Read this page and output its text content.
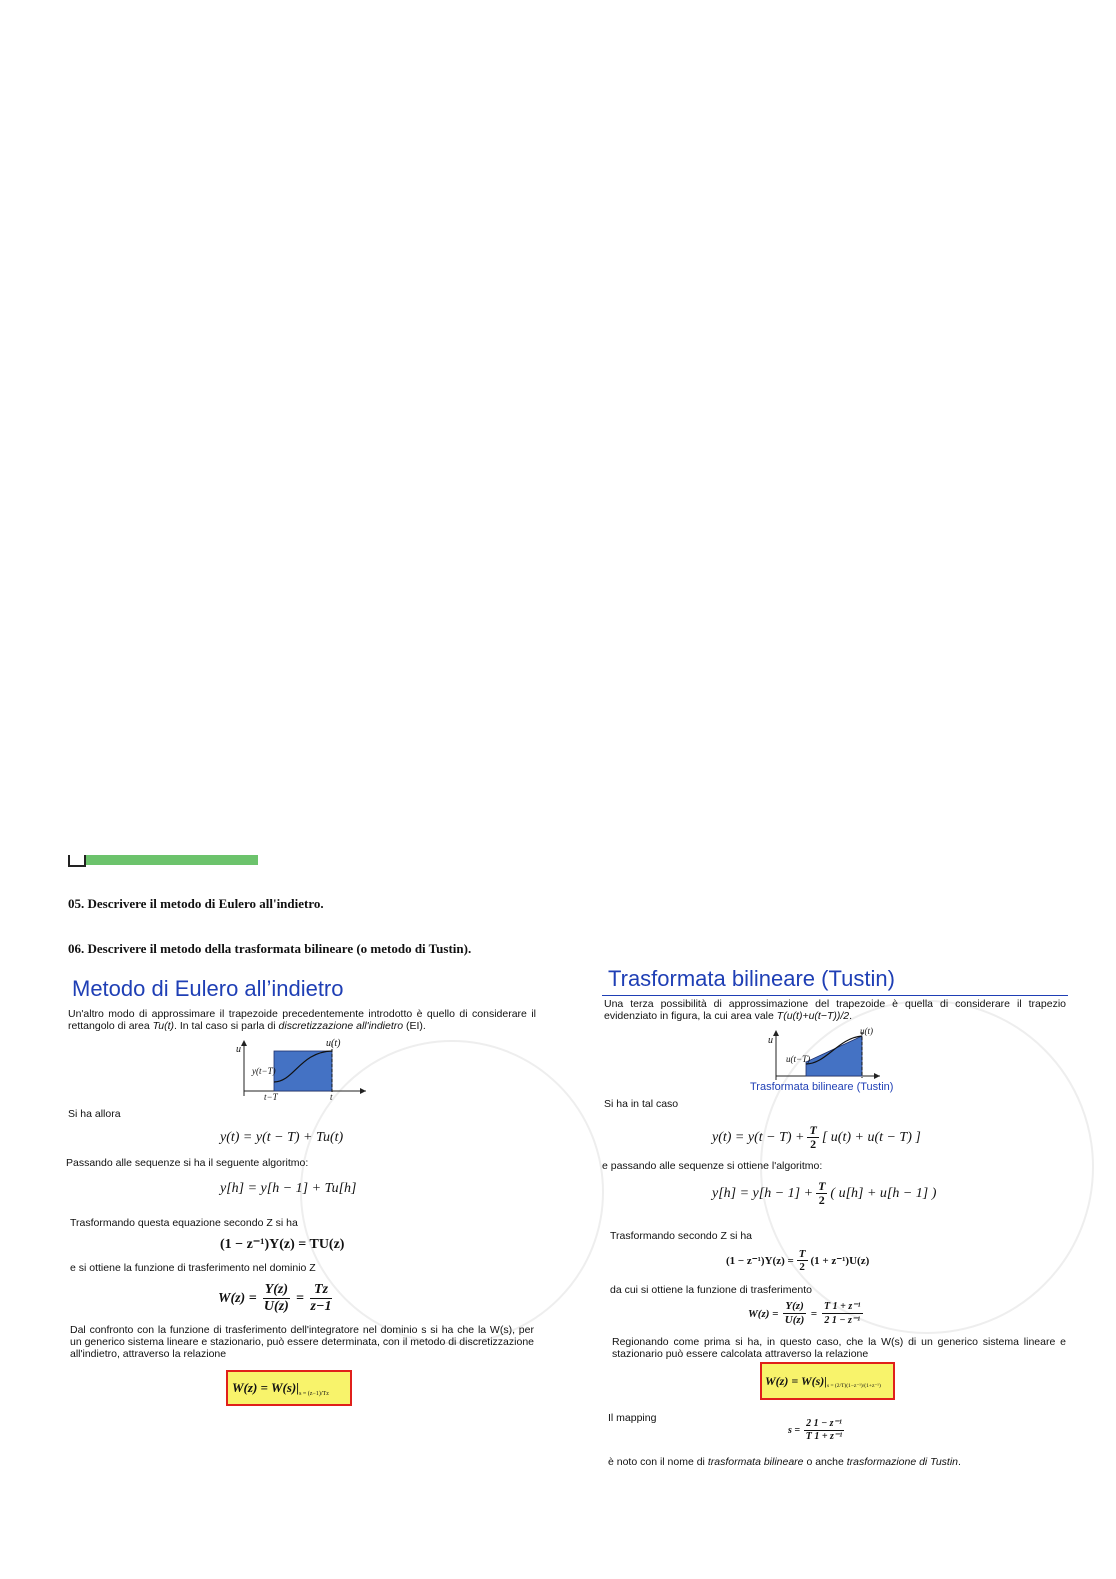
05. Descrivere il metodo di Eulero all'indietro.
06. Descrivere il metodo della trasformata bilineare (o metodo di Tustin).
Metodo di Eulero all’indietro
Un'altro modo di approssimare il trapezoide precedentemente introdotto è quello di considerare il rettangolo di area Tu(t). In tal caso si parla di discretizzazione all'indietro (EI).
u
u(t)
y(t−T)
t−T	t
Si ha allora
y(t) = y(t − T) + Tu(t)
Passando alle sequenze si ha il seguente algoritmo:
y[h] = y[h − 1] + Tu[h]
Trasformando questa equazione secondo Z si ha
(1 − z⁻¹)Y(z) = TU(z)
e si ottiene la funzione di trasferimento nel dominio Z
$W(z) = \frac{Y(z)}{U(z)} = \frac{Tz}{z-1}$
Dal confronto con la funzione di trasferimento dell'integratore nel dominio s si ha che la W(s), per un generico sistema lineare e stazionario, può essere determinata, con il metodo di discretizzazione all'indietro, attraverso la relazione
W(z) = W(s)| s = (z−1)/Tz
Trasformata bilineare (Tustin)
Una terza possibilità di approssimazione del trapezoide è quella di considerare il trapezio evidenziato in figura, la cui area vale T(u(t)+u(t−T))/2.
u
u(t)
u(t−T)
Trasformata bilineare (Tustin)
Si ha in tal caso
$y(t) = y(t - T) + \frac{T}{2}$ [ u(t) + u(t − T) ]
e passando alle sequenze si ottiene l'algoritmo:
$y[h] = y[h - 1] + \frac{T}{2}$ ( u[h] + u[h − 1] )
Trasformando secondo Z si ha
$(1 - z^{-1})Y(z) = \frac{T}{2} (1 + z^{-1})U(z)$
da cui si ottiene la funzione di trasferimento
$W(z) = \frac{Y(z)}{U(z)} = \frac{\text{T 1 + z⁻¹}}{\text{2 1 − z⁻¹}}$
Regionando come prima si ha, in questo caso, che la W(s) di un generico sistema lineare e stazionario può essere calcolata attraverso la relazione
W(z) = W(s)| s = (2/T)(1−z⁻¹)/(1+z⁻¹)
Il mapping
$s = \frac{\text{2 1 − z⁻¹}}{\text{T 1 + z⁻¹}}$
è noto con il nome di trasformata bilineare o anche trasformazione di Tustin.
